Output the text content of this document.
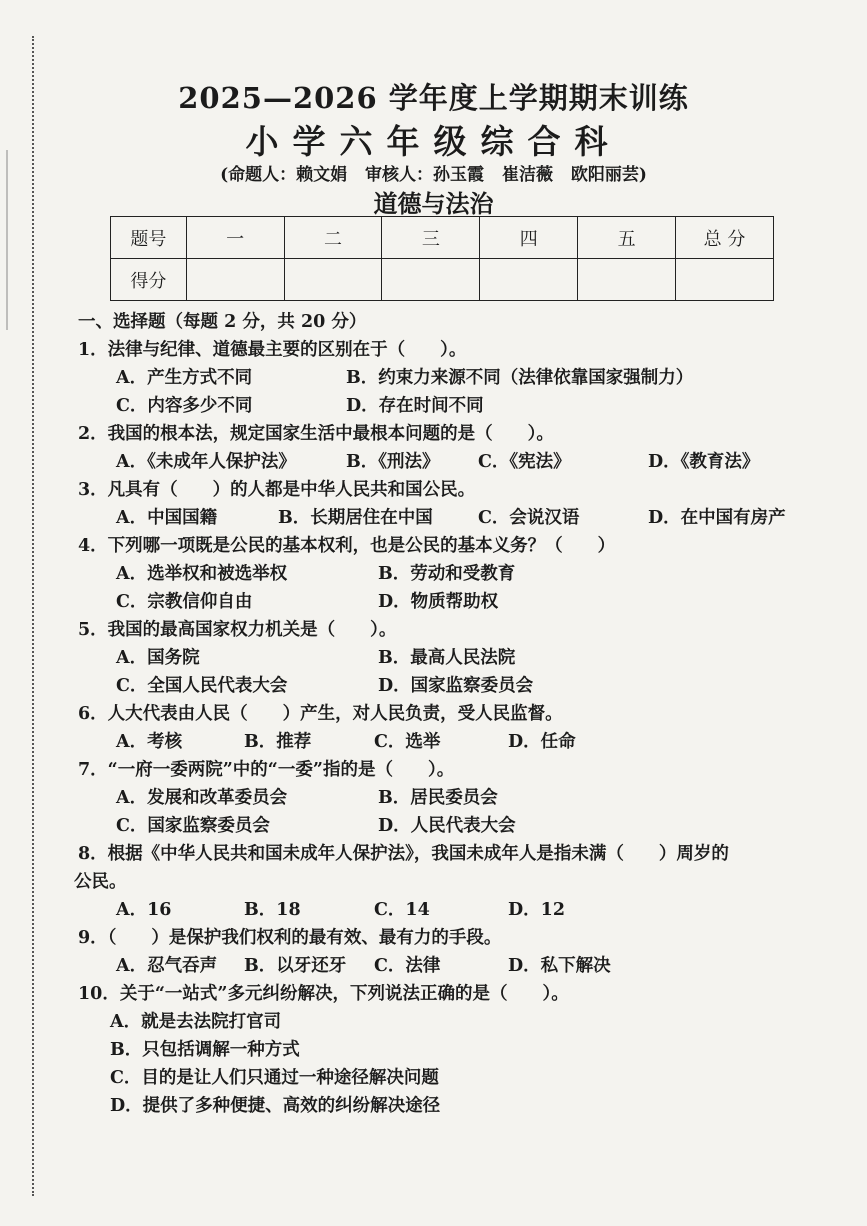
2025—2026 学年度上学期期末训练
小学六年级综合科
(命题人：赖文娟 审核人：孙玉霞 崔洁薇 欧阳丽芸)
道德与法治
题号	一	二	三	四	五	总 分
得分						
一、选择题（每题 2 分，共 20 分）
1．法律与纪律、道德最主要的区别在于（　　）。
A．产生方式不同	B．约束力来源不同（法律依靠国家强制力）
C．内容多少不同	D．存在时间不同
2．我国的根本法，规定国家生活中最根本问题的是（　　）。
A．《未成年人保护法》	B．《刑法》 C．《宪法》	D．《教育法》
3．凡具有（　　）的人都是中华人民共和国公民。
A．中国国籍	B．长期居住在中国	C．会说汉语	D．在中国有房产
4．下列哪一项既是公民的基本权利，也是公民的基本义务？（　　）
A．选举权和被选举权	B．劳动和受教育
C．宗教信仰自由	D．物质帮助权
5．我国的最高国家权力机关是（　　）。
A．国务院	B．最高人民法院
C．全国人民代表大会	D．国家监察委员会
6．人大代表由人民（　　）产生，对人民负责，受人民监督。
A．考核	B．推荐	C．选举	D．任命
7．“一府一委两院”中的“一委”指的是（　　）。
A．发展和改革委员会	B．居民委员会
C．国家监察委员会	D．人民代表大会
8．根据《中华人民共和国未成年人保护法》，我国未成年人是指未满（　　）周岁的
公民。
A．16	B．18	C．14	D．12
9．（　　）是保护我们权利的最有效、最有力的手段。
A．忍气吞声 B．以牙还牙 C．法律	D．私下解决
10．关于“一站式”多元纠纷解决，下列说法正确的是（　　）。
A．就是去法院打官司
B．只包括调解一种方式
C．目的是让人们只通过一种途径解决问题
D．提供了多种便捷、高效的纠纷解决途径
